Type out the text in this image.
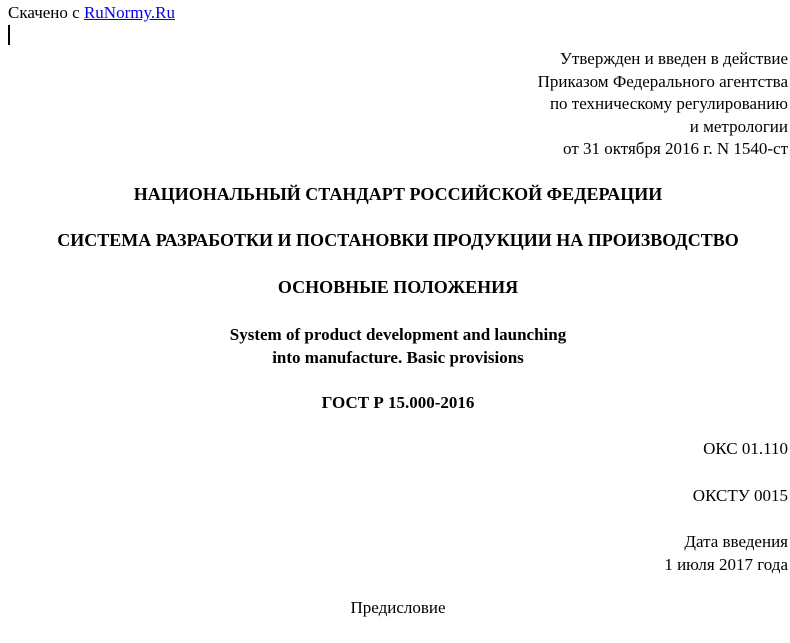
Скачено с RuNormy.Ru
Утвержден и введен в действие
Приказом Федерального агентства
по техническому регулированию
и метрологии
от 31 октября 2016 г. N 1540-ст
НАЦИОНАЛЬНЫЙ СТАНДАРТ РОССИЙСКОЙ ФЕДЕРАЦИИ
СИСТЕМА РАЗРАБОТКИ И ПОСТАНОВКИ ПРОДУКЦИИ НА ПРОИЗВОДСТВО
ОСНОВНЫЕ ПОЛОЖЕНИЯ
System of product development and launching
into manufacture. Basic provisions
ГОСТ Р 15.000-2016
ОКС 01.110
ОКСТУ 0015
Дата введения
1 июля 2017 года
Предисловие
